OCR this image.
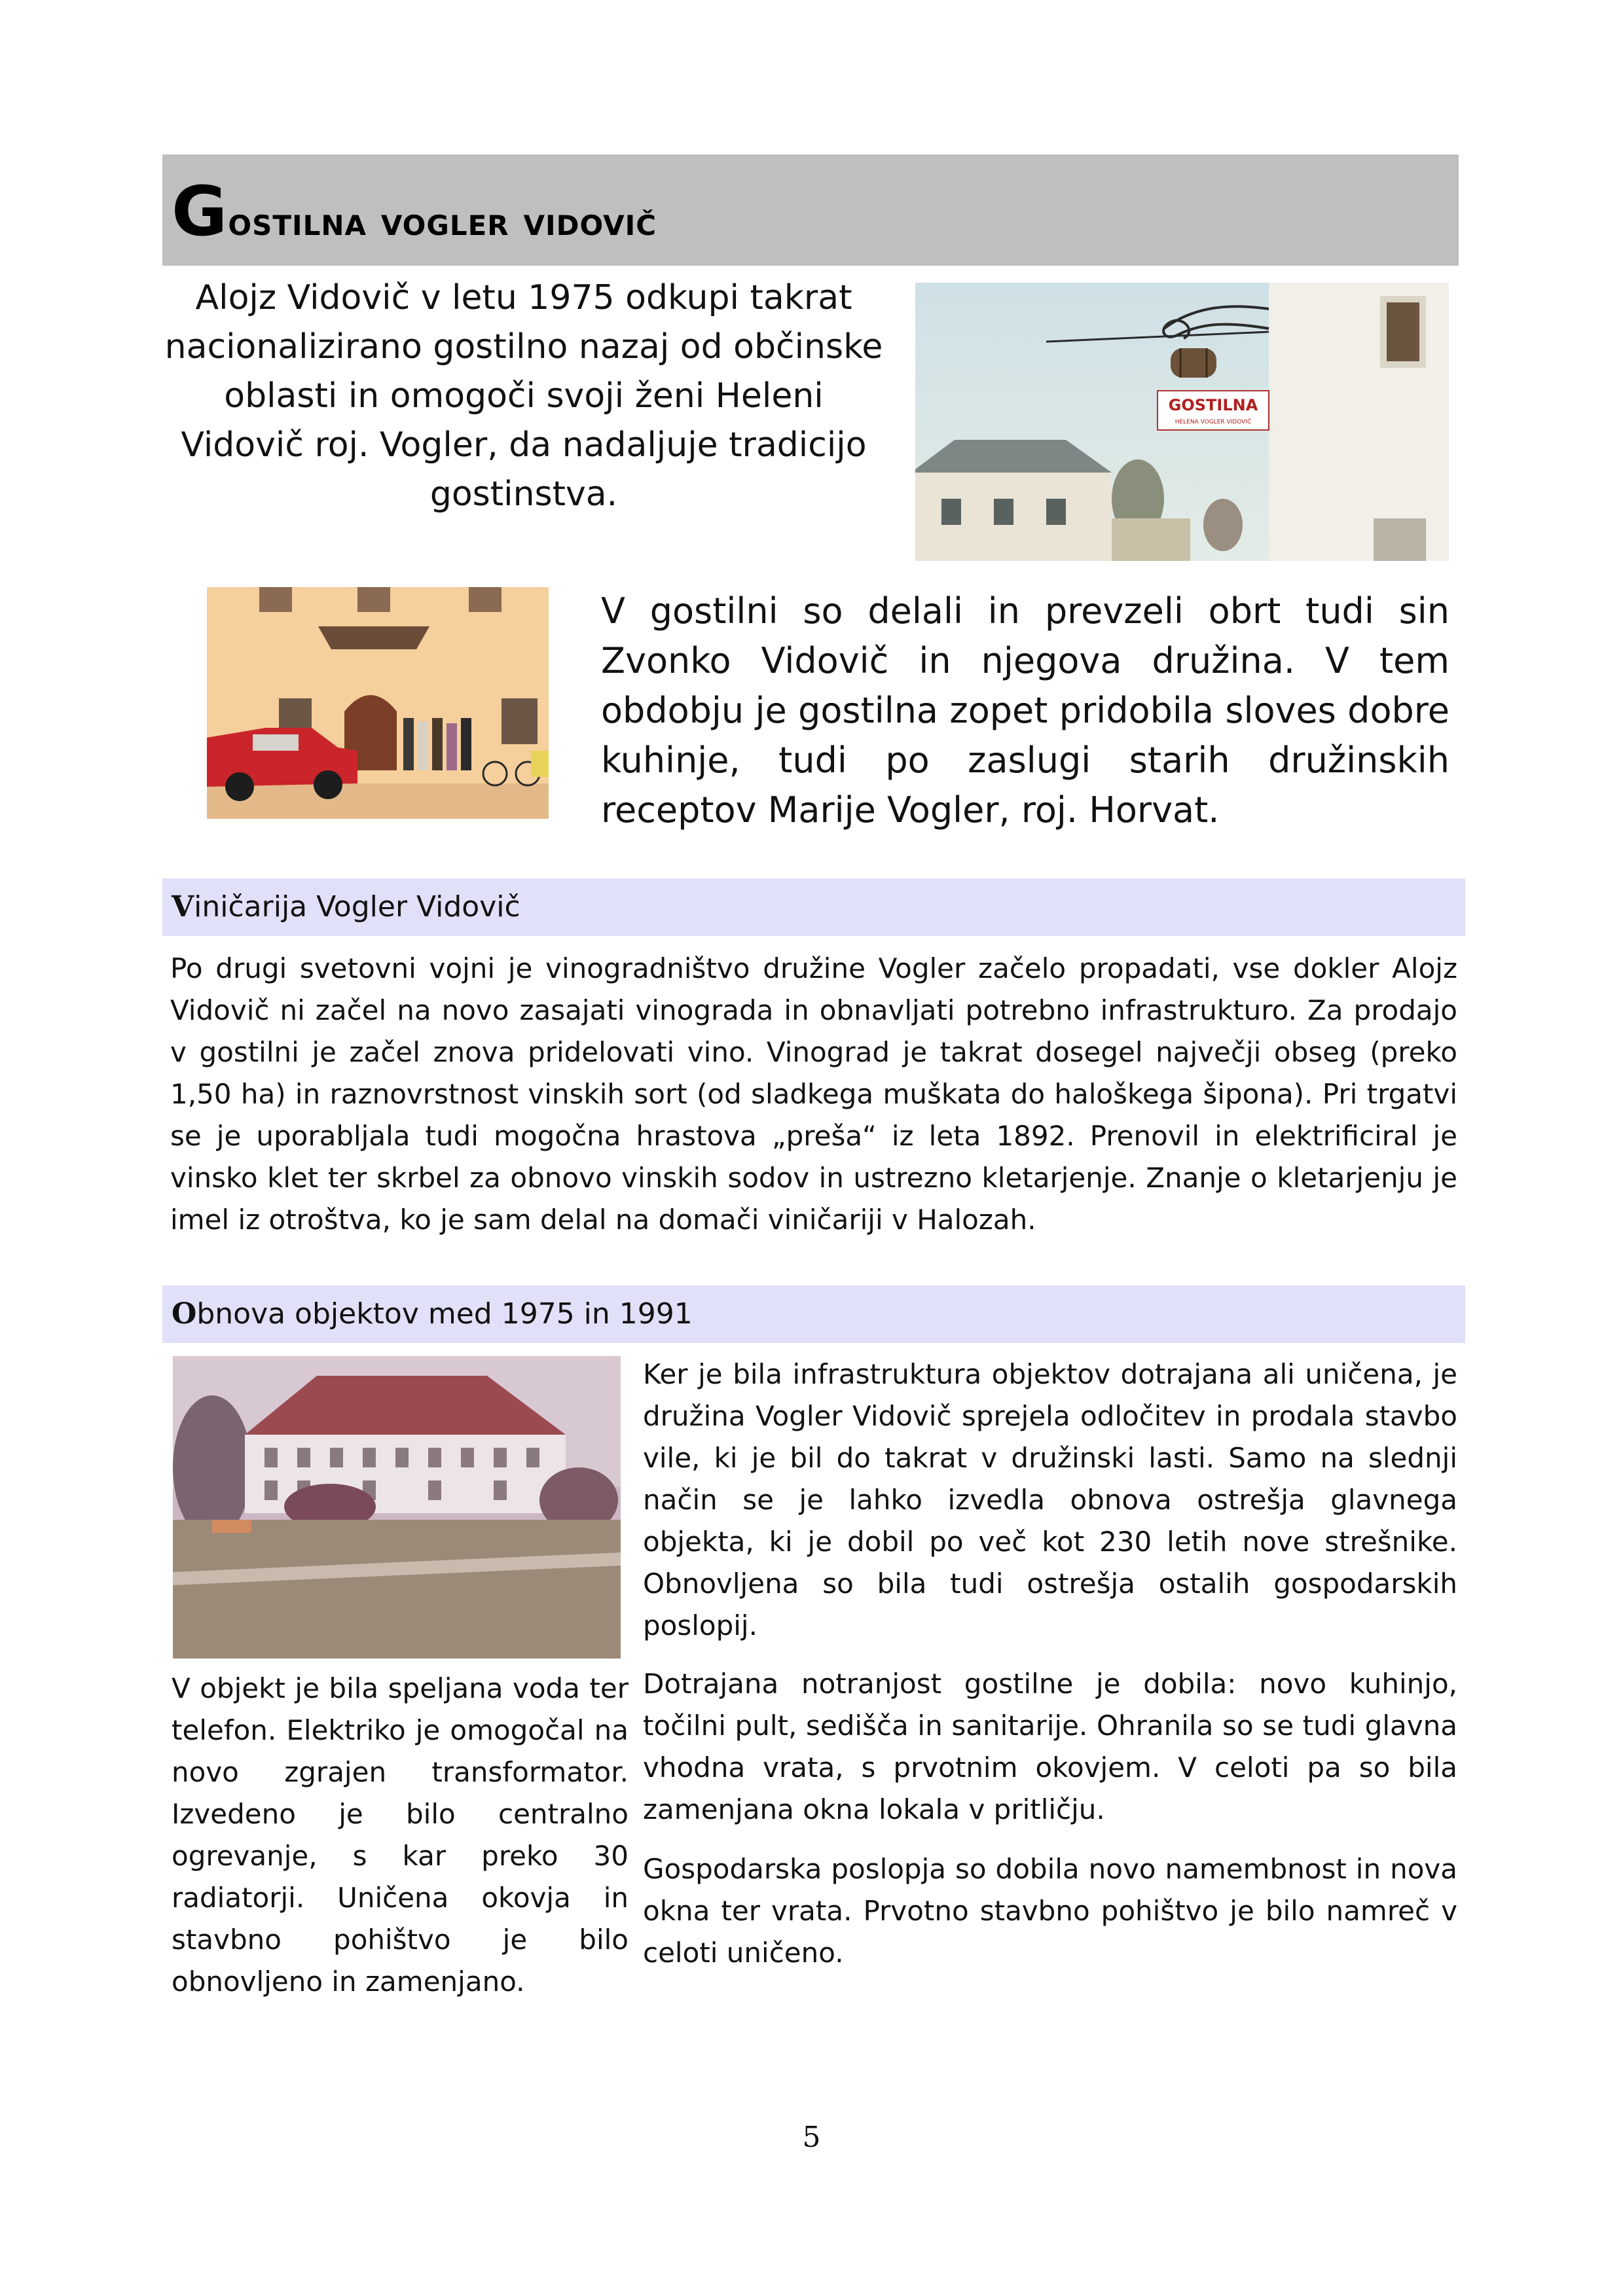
Gostilna vogler vidovič
Alojz Vidovič v letu 1975 odkupi takrat nacionalizirano gostilno nazaj od občinske oblasti in omogoči svoji ženi Heleni Vidovič roj. Vogler, da nadaljuje tradicijo gostinstva.
GOSTILNA
HELENA VOGLER VIDOVIČ
V gostilni so delali in prevzeli obrt tudi sin Zvonko Vidovič in njegova družina. V tem obdobju je gostilna zopet pridobila sloves dobre kuhinje, tudi po zaslugi starih družinskih receptov Marije Vogler, roj. Horvat.
Viničarija Vogler Vidovič
Po drugi svetovni vojni je vinogradništvo družine Vogler začelo propadati, vse dokler Alojz Vidovič ni začel na novo zasajati vinograda in obnavljati potrebno infrastrukturo. Za prodajo v gostilni je začel znova pridelovati vino. Vinograd je takrat dosegel največji obseg (preko 1,50 ha) in raznovrstnost vinskih sort (od sladkega muškata do haloškega šipona). Pri trgatvi se je uporabljala tudi mogočna hrastova „preša“ iz leta 1892. Prenovil in elektrificiral je vinsko klet ter skrbel za obnovo vinskih sodov in ustrezno kletarjenje. Znanje o kletarjenju je imel iz otroštva, ko je sam delal na domači viničariji v Halozah.
Obnova objektov med 1975 in 1991
Ker je bila infrastruktura objektov dotrajana ali uničena, je družina Vogler Vidovič sprejela odločitev in prodala stavbo vile, ki je bil do takrat v družinski lasti. Samo na slednji način se je lahko izvedla obnova ostrešja glavnega objekta, ki je dobil po več kot 230 letih nove strešnike. Obnovljena so bila tudi ostrešja ostalih gospodarskih poslopij.
V objekt je bila speljana voda ter telefon. Elektriko je omogočal na novo zgrajen transformator. Izvedeno je bilo centralno ogrevanje, s kar preko 30 radiatorji. Uničena okovja in stavbno pohištvo je bilo obnovljeno in zamenjano.
Dotrajana notranjost gostilne je dobila: novo kuhinjo, točilni pult, sedišča in sanitarije. Ohranila so se tudi glavna vhodna vrata, s prvotnim okovjem. V celoti pa so bila zamenjana okna lokala v pritličju.
Gospodarska poslopja so dobila novo namembnost in nova okna ter vrata. Prvotno stavbno pohištvo je bilo namreč v celoti uničeno.
5
